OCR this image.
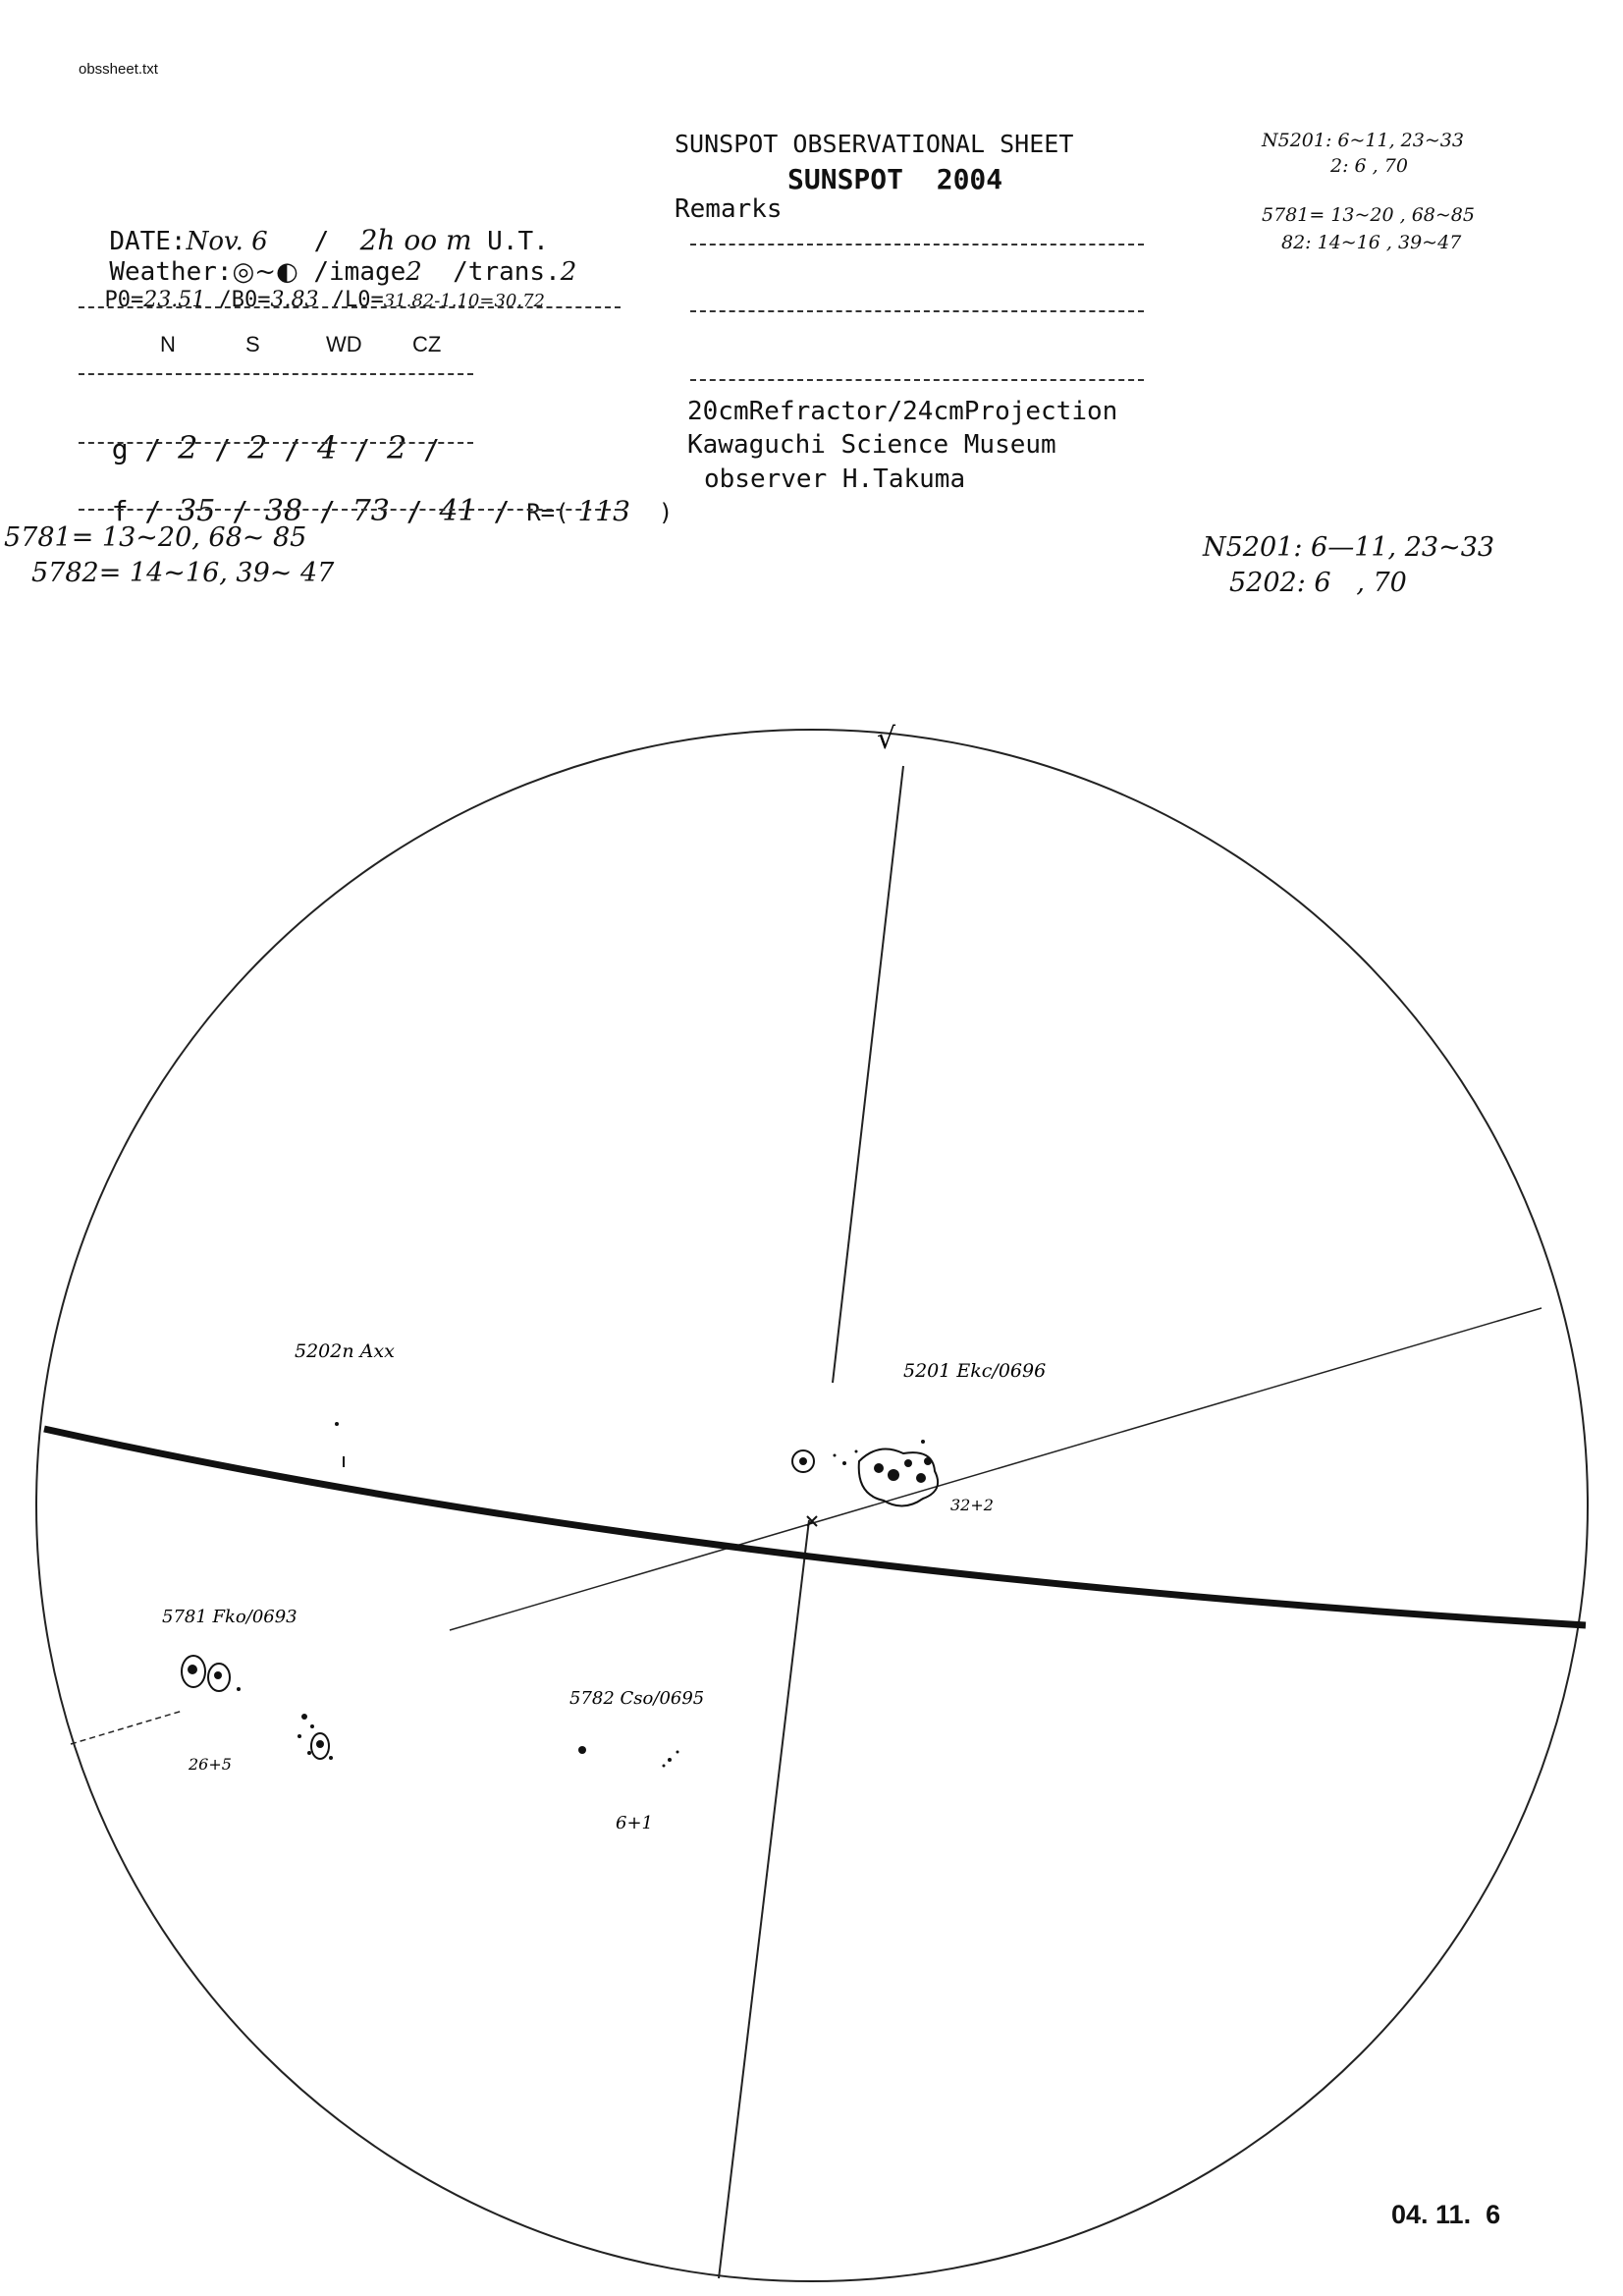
obssheet.txt
SUNSPOT OBSERVATIONAL SHEET
SUNSPOT  2004

DATE:Nov. 6   /  2h oo m U.T.

Weather:◎~◐ /image2 /trans.2

P0=23.51 /B0=3.83 /L0=31.82-1.10=30.72

N	S	WD CZ

g / 2 / 2 / 4 / 2 /

f / 35 / 38 / 73 / 41 / R=( 113 )

Remarks
20cmRefractor/24cmProjection
Kawaguchi Science Museum
observer H.Takuma
N5201: 6~11, 23~33
2: 6 , 70
5781= 13~20 , 68~85
82: 14~16 , 39~47
5781= 13~20, 68~ 85
5782= 14~16, 39~ 47
N5201: 6—11, 23~33
5202: 6   , 70
√
5202n Axx
5201 Ekc/0696
32+2
5781 Fko/0693
26+5
5782 Cso/0695
6+1
04. 11.  6
